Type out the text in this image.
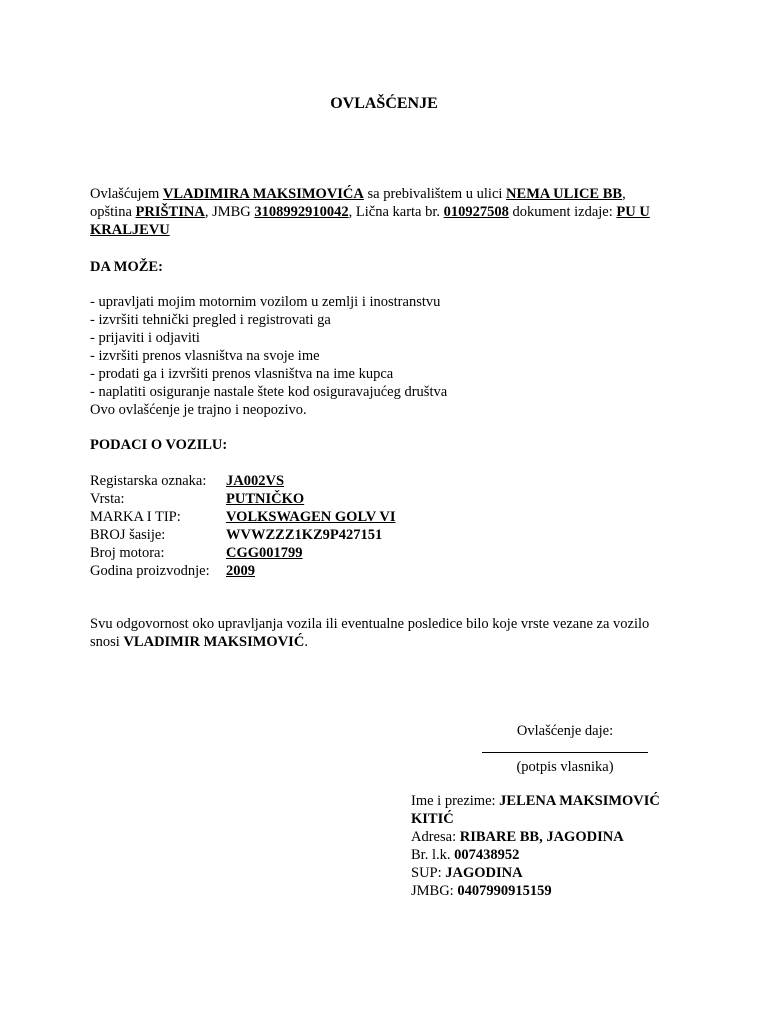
OVLAŠĆENJE
Ovlašćujem VLADIMIRA MAKSIMOVIĆA sa prebivalištem u ulici NEMA ULICE BB,
opština PRIŠTINA, JMBG 3108992910042, Lična karta br. 010927508 dokument izdaje: PU U KRALJEVU
DA MOŽE:
- upravljati mojim motornim vozilom u zemlji i inostranstvu
- izvršiti tehnički pregled i registrovati ga
- prijaviti i odjaviti
- izvršiti prenos vlasništva na svoje ime
- prodati ga i izvršiti prenos vlasništva na ime kupca
- naplatiti osiguranje nastale štete kod osiguravajućeg društva
Ovo ovlašćenje je trajno i neopozivo.
PODACI O VOZILU:
Registarska oznaka:	JA002VS
Vrsta:	PUTNIČKO
MARKA I TIP:	VOLKSWAGEN GOLV VI
BROJ šasije:	WVWZZZ1KZ9P427151
Broj motora:	CGG001799
Godina proizvodnje:	2009
Svu odgovornost oko upravljanja vozila ili eventualne posledice bilo koje vrste vezane za vozilo
snosi VLADIMIR MAKSIMOVIĆ.
Ovlašćenje daje:
(potpis vlasnika)
Ime i prezime: JELENA MAKSIMOVIĆ KITIĆ
Adresa: RIBARE BB, JAGODINA
Br. l.k. 007438952
SUP: JAGODINA
JMBG: 0407990915159
